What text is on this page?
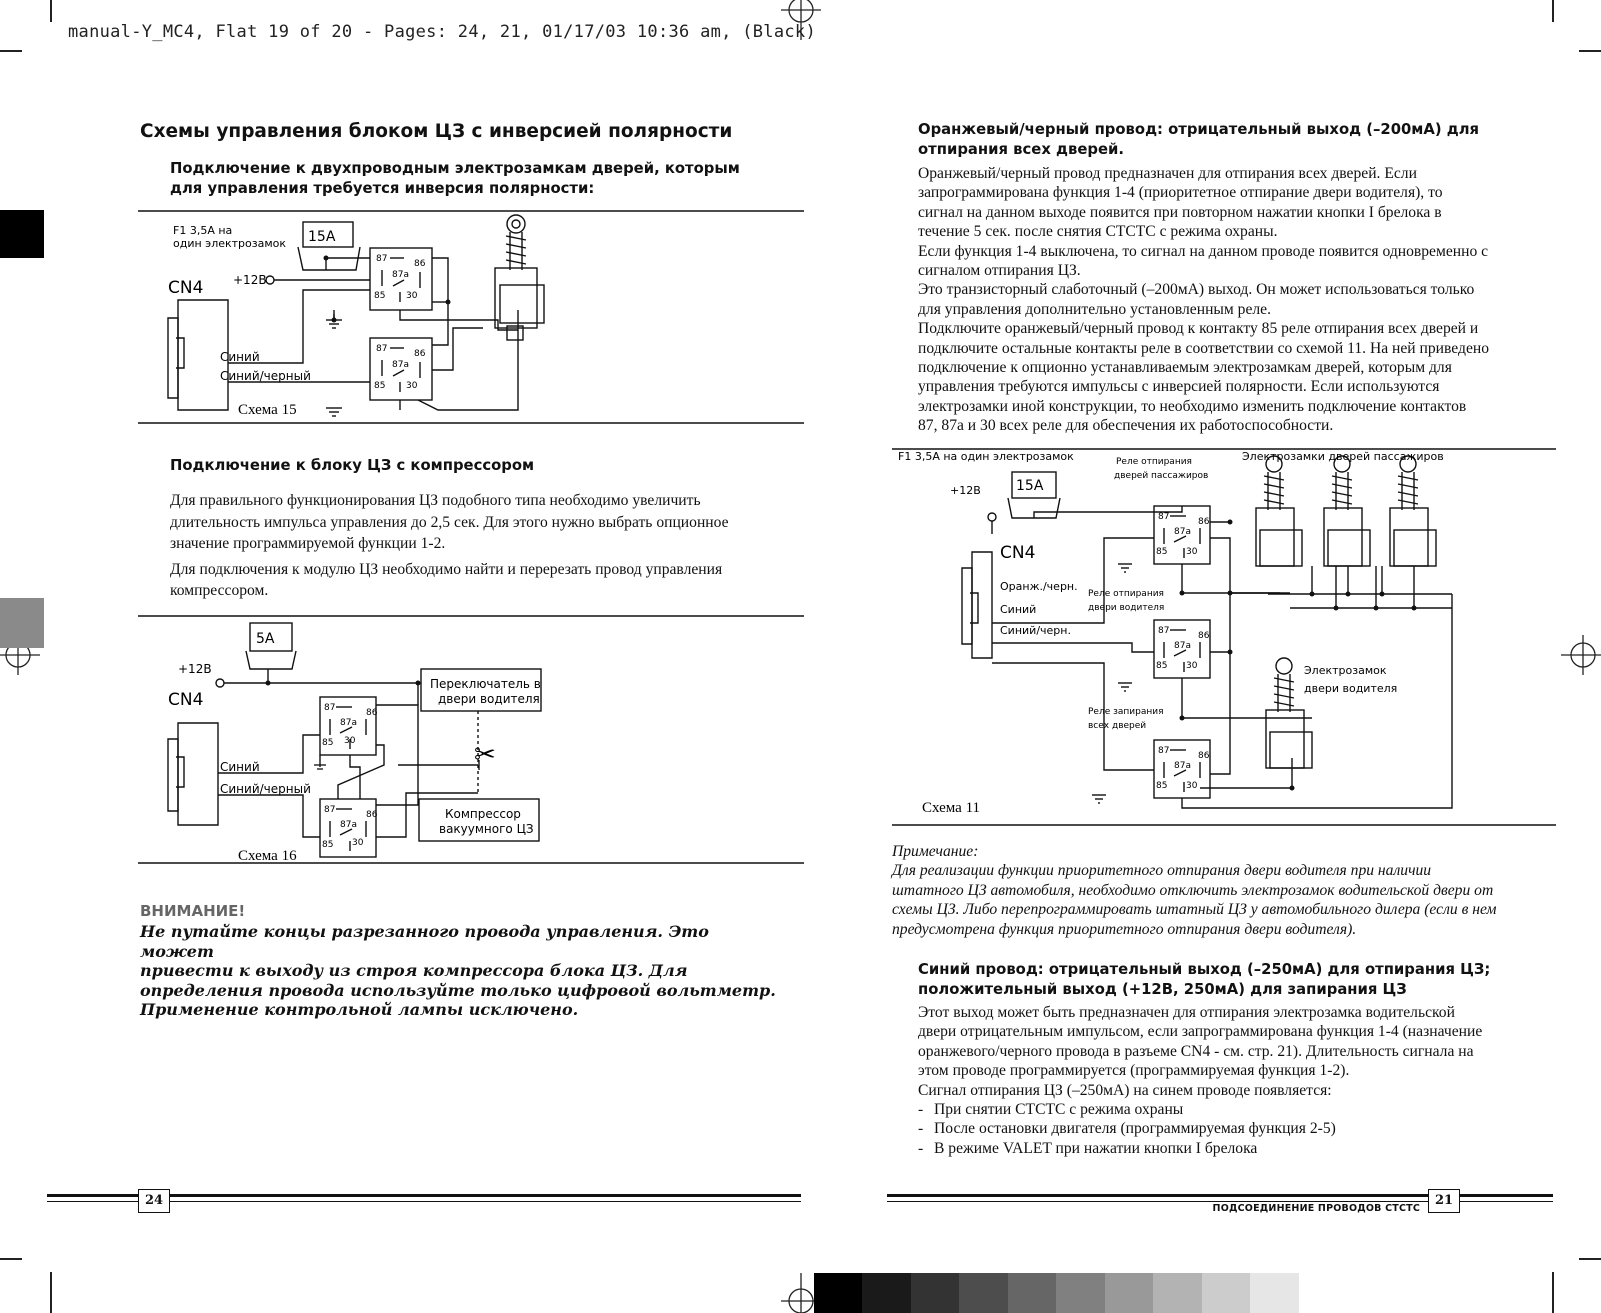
manual-Y_MC4, Flat 19 of 20 - Pages: 24, 21, 01/17/03 10:36 am, (Black)
Схемы управления блоком ЦЗ с инверсией полярности
Подключение к двухпроводным электрозамкам дверей, которым для управления требуется инверсия полярности:
F1 3,5А на
один электрозамок 15A
+12В
CN4
Синий
Синий/черный
Схема 15
87
87a
86
85 30
87
87a
86
85 30
Подключение к блоку ЦЗ с компрессором

Для правильного функционирования ЦЗ подобного типа необходимо увеличить длительность импульса управления до 2,5 сек. Для этого нужно выбрать опционное значение программируемой функции 1-2.

Для подключения к модулю ЦЗ необходимо найти и перерезать провод управления компрессором.

✂
5A
+12В
CN4
Синий
Синий/черный
Переключатель в
двери водителя
Компрессор
вакуумного ЦЗ
Схема 16
87
87a
86
85 30
87
87a
86
85 30
ВНИМАНИЕ!
Не путайте концы разрезанного провода управления. Это может
привести к выходу из строя компрессора блока ЦЗ. Для
определения провода используйте только цифровой вольтметр.
Применение контрольной лампы исключено.
24
Оранжевый/черный провод: отрицательный выход (–200мА) для
отпирания всех дверей.
Оранжевый/черный провод предназначен для отпирания всех дверей. Если
запрограммирована функция 1-4 (приоритетное отпирание двери водителя), то
сигнал на данном выходе появится при повторном нажатии кнопки I брелока в
течение 5 сек. после снятия СТСТС с режима охраны.
Если функция 1-4 выключена, то сигнал на данном проводе появится одновременно с
сигналом отпирания ЦЗ.
Это транзисторный слаботочный (–200мА) выход. Он может использоваться только
для управления дополнительно установленным реле.
Подключите оранжевый/черный провод к контакту 85 реле отпирания всех дверей и
подключите остальные контакты реле в соответствии со схемой 11. На ней приведено
подключение к опционно устанавливаемым электрозамкам дверей, которым для
управления требуются импульсы с инверсией полярности. Если используются
электрозамки иной конструкции, то необходимо изменить подключение контактов
87, 87a и 30 всех реле для обеспечения их работоспособности.
F1 3,5А на один электрозамок
15A
+12В
CN4
Оранж./черн.
Синий
Синий/черн.
Реле отпирания
дверей пассажиров
Реле отпирания
двери водителя
Реле запирания
всех дверей
Электрозамки дверей пассажиров
Электрозамок
двери водителя
Схема 11
87
87a
86
85 30
87
87a
86
85 30
87
87a
86
85 30
Примечание:
Для реализации функции приоритетного отпирания двери водителя при наличии
штатного ЦЗ автомобиля, необходимо отключить электрозамок водительской двери от
схемы ЦЗ. Либо перепрограммировать штатный ЦЗ у автомобильного дилера (если в нем
предусмотрена функция приоритетного отпирания двери водителя).
Синий провод: отрицательный выход (–250мА) для отпирания ЦЗ;
положительный выход (+12В, 250мА) для запирания ЦЗ
Этот выход может быть предназначен для отпирания электрозамка водительской
двери отрицательным импульсом, если запрограммирована функция 1-4 (назначение
оранжевого/черного провода в разъеме CN4 - см. стр. 21). Длительность сигнала на
этом проводе программируется (программируемая функция 1-2).
Сигнал отпирания ЦЗ (–250мА) на синем проводе появляется:
- При снятии СТСТС с режима охраны
- После остановки двигателя (программируемая функция 2-5)
- В режиме VALET при нажатии кнопки I брелока
ПОДСОЕДИНЕНИЕ ПРОВОДОВ СТСТС
21
